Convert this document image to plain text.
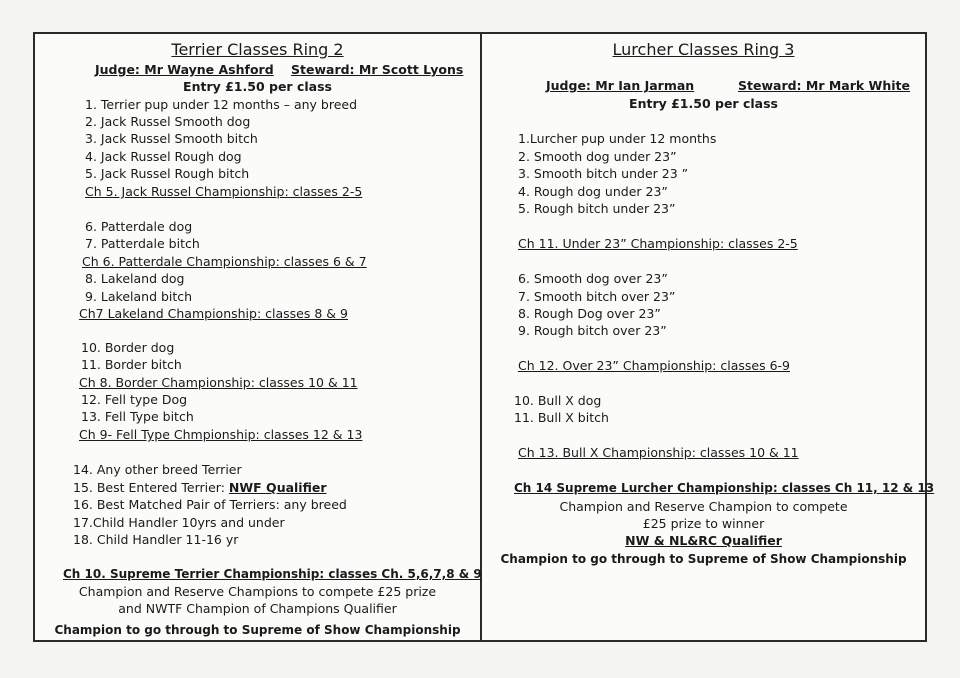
Terrier Classes Ring 2
Judge: Mr Wayne Ashford Steward: Mr Scott Lyons
Entry £1.50 per class
1. Terrier pup under 12 months – any breed
2. Jack Russel Smooth dog
3. Jack Russel Smooth bitch
4. Jack Russel Rough dog
5. Jack Russel Rough bitch
Ch 5. Jack Russel Championship: classes 2-5
6. Patterdale dog
7. Patterdale bitch
Ch 6. Patterdale Championship: classes 6 & 7
8. Lakeland dog
9. Lakeland bitch
Ch7 Lakeland Championship: classes 8 & 9
10. Border dog
11. Border bitch
Ch 8. Border Championship: classes 10 & 11
12. Fell type Dog
13. Fell Type bitch
Ch 9- Fell Type Chmpionship: classes 12 & 13
14. Any other breed Terrier
15. Best Entered Terrier: NWF Qualifier
16. Best Matched Pair of Terriers: any breed
17.Child Handler 10yrs and under
18. Child Handler 11-16 yr
Ch 10. Supreme Terrier Championship: classes Ch. 5,6,7,8 & 9
Champion and Reserve Champions to compete £25 prize
and NWTF Champion of Champions Qualifier
Champion to go through to Supreme of Show Championship
Lurcher Classes Ring 3
Judge: Mr Ian Jarman	Steward: Mr Mark White
Entry £1.50 per class
1.Lurcher pup under 12 months
2. Smooth dog under 23”
3. Smooth bitch under 23 ”
4. Rough dog under 23”
5. Rough bitch under 23”
Ch 11. Under 23” Championship: classes 2-5
6. Smooth dog over 23”
7. Smooth bitch over 23”
8. Rough Dog over 23”
9. Rough bitch over 23”
Ch 12. Over 23” Championship: classes 6-9
10. Bull X dog
11. Bull X bitch
Ch 13. Bull X Championship: classes 10 & 11
Ch 14 Supreme Lurcher Championship: classes Ch 11, 12 & 13
Champion and Reserve Champion to compete
£25 prize to winner
NW & NL&RC Qualifier
Champion to go through to Supreme of Show Championship
